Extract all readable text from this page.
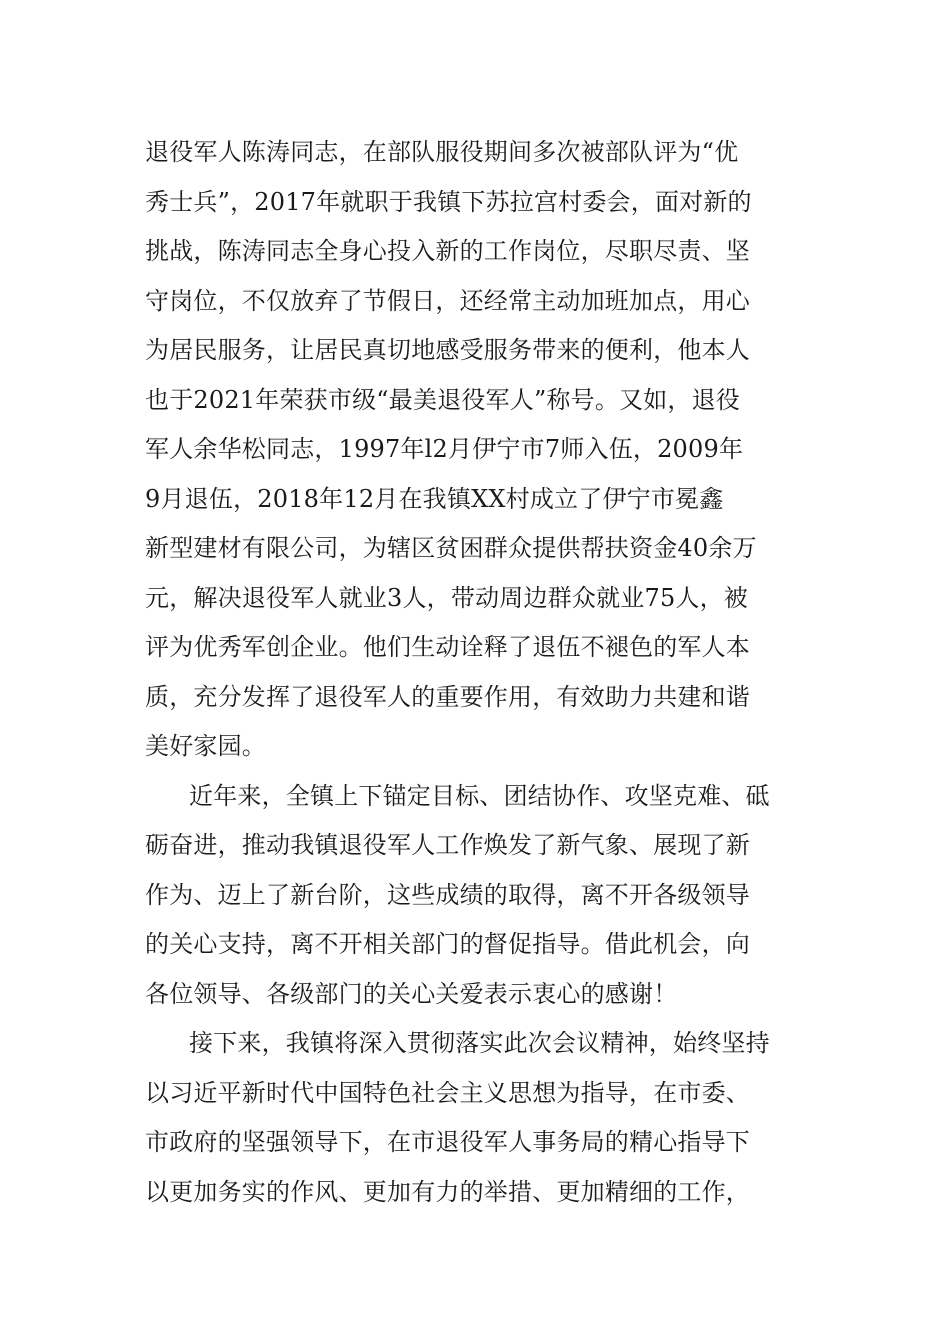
退役军人陈涛同志，在部队服役期间多次被部队评为“优
秀士兵”，2017年就职于我镇下苏拉宫村委会，面对新的
挑战，陈涛同志全身心投入新的工作岗位，尽职尽责、坚
守岗位，不仅放弃了节假日，还经常主动加班加点，用心
为居民服务，让居民真切地感受服务带来的便利，他本人
也于2021年荣获市级“最美退役军人”称号。又如，退役
军人余华松同志，1997年l2月伊宁市7师入伍，2009年
9月退伍，2018年12月在我镇XX村成立了伊宁市冕鑫
新型建材有限公司，为辖区贫困群众提供帮扶资金40余万
元，解决退役军人就业3人，带动周边群众就业75人，被
评为优秀军创企业。他们生动诠释了退伍不褪色的军人本
质，充分发挥了退役军人的重要作用，有效助力共建和谐
美好家园。
近年来，全镇上下锚定目标、团结协作、攻坚克难、砥
砺奋进，推动我镇退役军人工作焕发了新气象、展现了新
作为、迈上了新台阶，这些成绩的取得，离不开各级领导
的关心支持，离不开相关部门的督促指导。借此机会，向
各位领导、各级部门的关心关爱表示衷心的感谢！
接下来，我镇将深入贯彻落实此次会议精神，始终坚持
以习近平新时代中国特色社会主义思想为指导，在市委、
市政府的坚强领导下，在市退役军人事务局的精心指导下
以更加务实的作风、更加有力的举措、更加精细的工作，
